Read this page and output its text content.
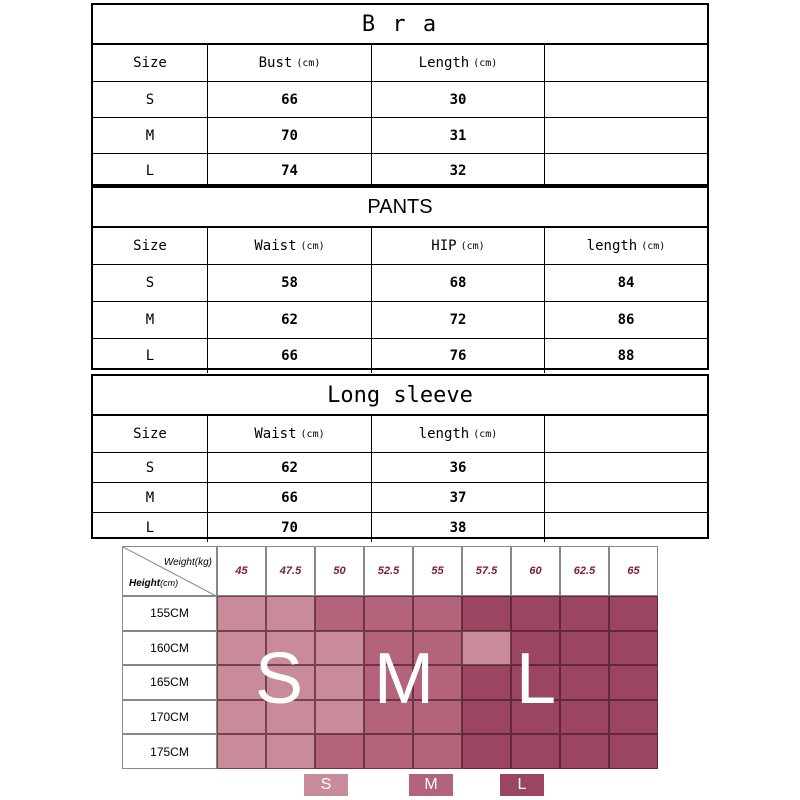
B r a
Size	Bust (cm)	Length (cm)
S	66	30
M	70	31
L	74	32
PANTS
Size	Waist (cm)	HIP (cm)	length (cm)
S	58	68	84
M	62	72	86
L	66	76	88
Long sleeve
Size	Waist (cm)	length (cm)
S	62	36
M	66	37
L	70	38
Weight(kg)
Height(cm)
45	47.5	50	52.5	55	57.5	60	62.5	65
155CM
160CM
165CM
170CM
175CM
S M L
S	M	L
